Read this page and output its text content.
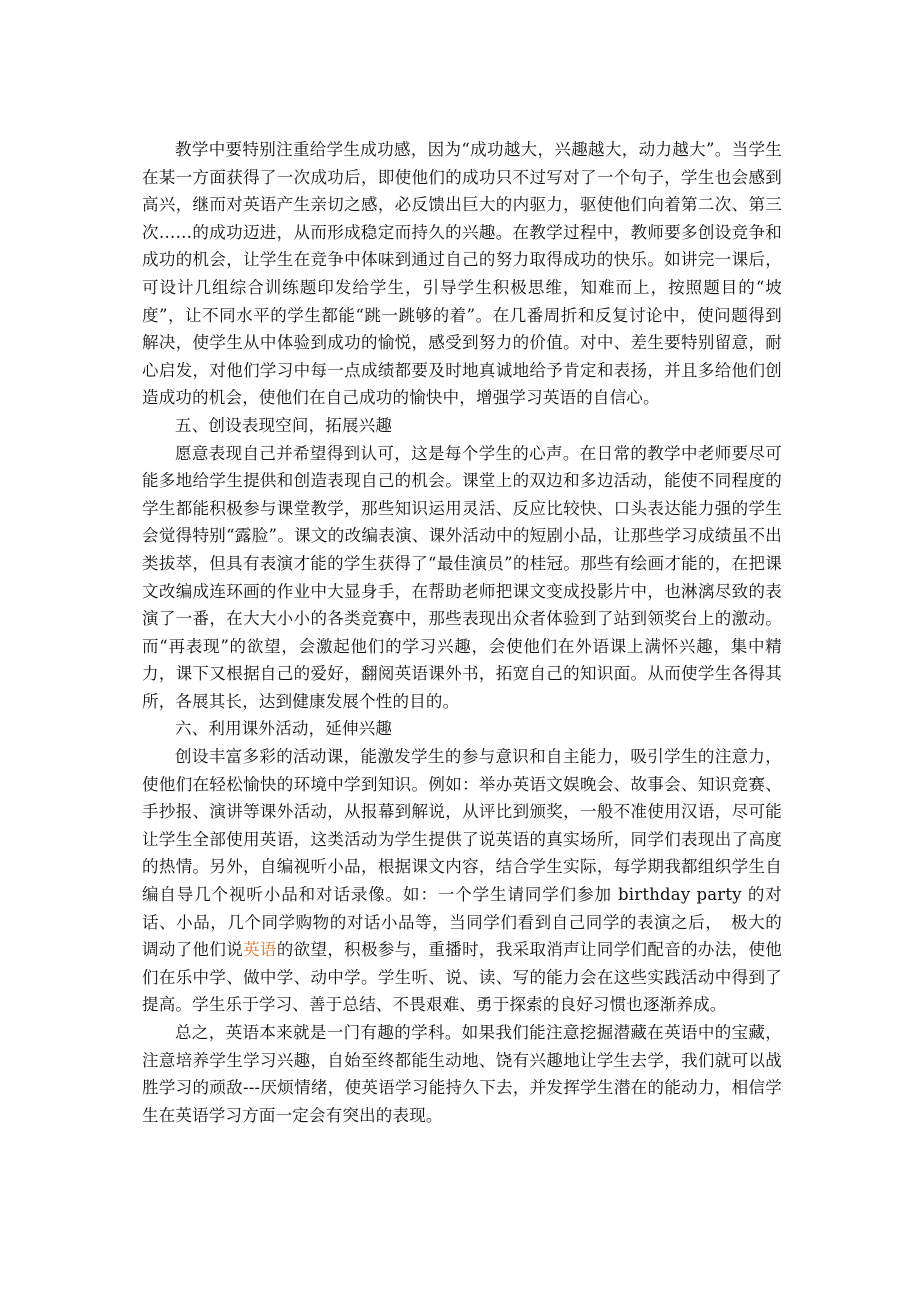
教学中要特别注重给学生成功感，因为“成功越大，兴趣越大，动力越大”。当学生在某一方面获得了一次成功后，即使他们的成功只不过写对了一个句子，学生也会感到高兴，继而对英语产生亲切之感，必反馈出巨大的内驱力，驱使他们向着第二次、第三次……的成功迈进，从而形成稳定而持久的兴趣。在教学过程中，教师要多创设竞争和成功的机会，让学生在竞争中体味到通过自己的努力取得成功的快乐。如讲完一课后，可设计几组综合训练题印发给学生，引导学生积极思维，知难而上，按照题目的“坡度”，让不同水平的学生都能“跳一跳够的着”。在几番周折和反复讨论中，使问题得到解决，使学生从中体验到成功的愉悦，感受到努力的价值。对中、差生要特别留意，耐心启发，对他们学习中每一点成绩都要及时地真诚地给予肯定和表扬，并且多给他们创造成功的机会，使他们在自己成功的愉快中，增强学习英语的自信心。

五、创设表现空间，拓展兴趣

愿意表现自己并希望得到认可，这是每个学生的心声。在日常的教学中老师要尽可能多地给学生提供和创造表现自己的机会。课堂上的双边和多边活动，能使不同程度的学生都能积极参与课堂教学，那些知识运用灵活、反应比较快、口头表达能力强的学生会觉得特别“露脸”。课文的改编表演、课外活动中的短剧小品，让那些学习成绩虽不出类拔萃，但具有表演才能的学生获得了“最佳演员”的桂冠。那些有绘画才能的，在把课文改编成连环画的作业中大显身手，在帮助老师把课文变成投影片中，也淋漓尽致的表演了一番，在大大小小的各类竞赛中，那些表现出众者体验到了站到领奖台上的激动。而“再表现”的欲望，会激起他们的学习兴趣，会使他们在外语课上满怀兴趣，集中精力，课下又根据自己的爱好，翻阅英语课外书，拓宽自己的知识面。从而使学生各得其所，各展其长，达到健康发展个性的目的。

六、利用课外活动，延伸兴趣

创设丰富多彩的活动课，能激发学生的参与意识和自主能力，吸引学生的注意力，使他们在轻松愉快的环境中学到知识。例如：举办英语文娱晚会、故事会、知识竞赛、手抄报、演讲等课外活动，从报幕到解说，从评比到颁奖，一般不准使用汉语，尽可能让学生全部使用英语，这类活动为学生提供了说英语的真实场所，同学们表现出了高度的热情。另外，自编视听小品，根据课文内容，结合学生实际，每学期我都组织学生自编自导几个视听小品和对话录像。如：一个学生请同学们参加 birthday party 的对话、小品，几个同学购物的对话小品等，当同学们看到自己同学的表演之后，　极大的调动了他们说英语的欲望，积极参与，重播时，我采取消声让同学们配音的办法，使他们在乐中学、做中学、动中学。学生听、说、读、写的能力会在这些实践活动中得到了提高。学生乐于学习、善于总结、不畏艰难、勇于探索的良好习惯也逐渐养成。

总之，英语本来就是一门有趣的学科。如果我们能注意挖掘潜藏在英语中的宝藏，注意培养学生学习兴趣，自始至终都能生动地、饶有兴趣地让学生去学，我们就可以战胜学习的顽敌---厌烦情绪，使英语学习能持久下去，并发挥学生潜在的能动力，相信学生在英语学习方面一定会有突出的表现。
